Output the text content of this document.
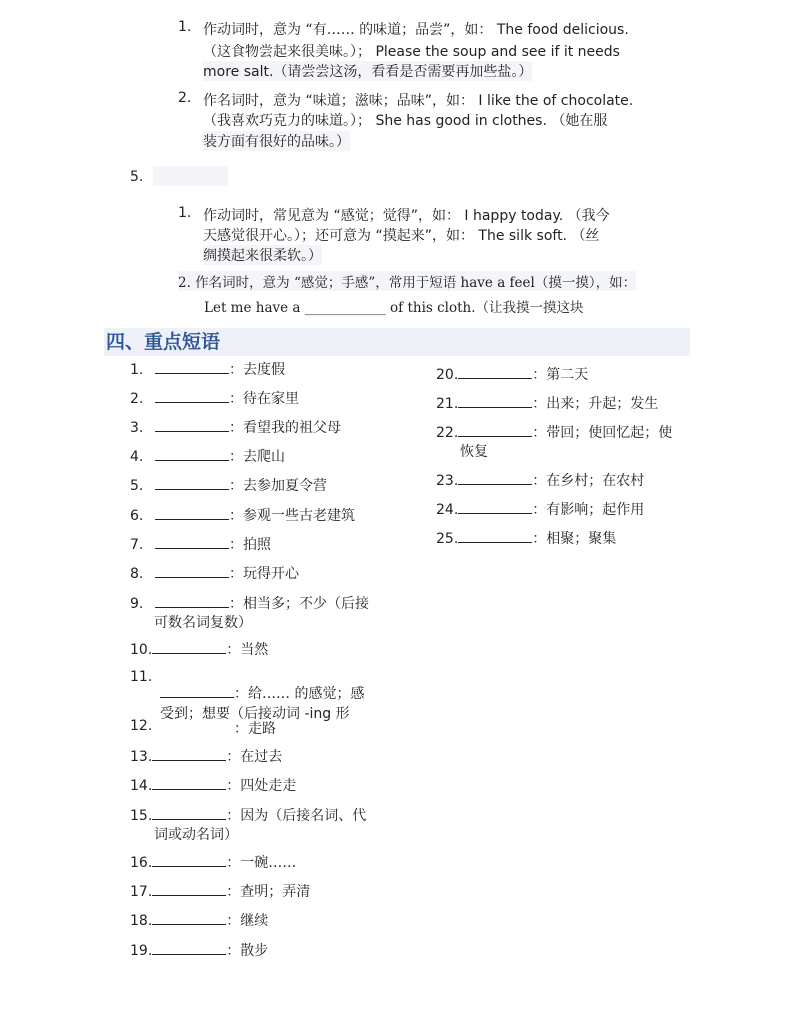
1. 作动词时，意为 “有…… 的味道；品尝”，如： The food delicious.
（这食物尝起来很美味。）； Please the soup and see if it needs
more salt.（请尝尝这汤，看看是否需要再加些盐。）
2. 作名词时，意为 “味道；滋味；品味”，如： I like the of chocolate.
（我喜欢巧克力的味道。）； She has good in clothes. （她在服
装方面有很好的品味。）
5.
1. 作动词时，常见意为 “感觉；觉得”，如： I happy today. （我今
天感觉很开心。）；还可意为 “摸起来”，如： The silk soft. （丝
绸摸起来很柔软。）
2. 作名词时，意为 “感觉；手感”，常用于短语 have a feel（摸一摸），如：
Let me have a ____________ of this cloth.（让我摸一摸这块
四、重点短语
1.	：去度假
2.	：待在家里
3.	：看望我的祖父母
4.	：去爬山
5.	：去参加夏令营
6.	：参观一些古老建筑
7.	：拍照
8.	：玩得开心
9.	：相当多；不少（后接
可数名词复数）
10.	：当然
11.
：给…… 的感觉；感
受到；想要（后接动词 -ing 形
12.	：走路
13.	：在过去
14.	：四处走走
15.	：因为（后接名词、代
词或动名词）
16.	：一碗……
17.	：查明；弄清
18.	：继续
19.	：散步
20.	：第二天
21.	：出来；升起；发生
22.	：带回；使回忆起；使
恢复
23.	：在乡村；在农村
24.	：有影响；起作用
25.	：相聚；聚集
